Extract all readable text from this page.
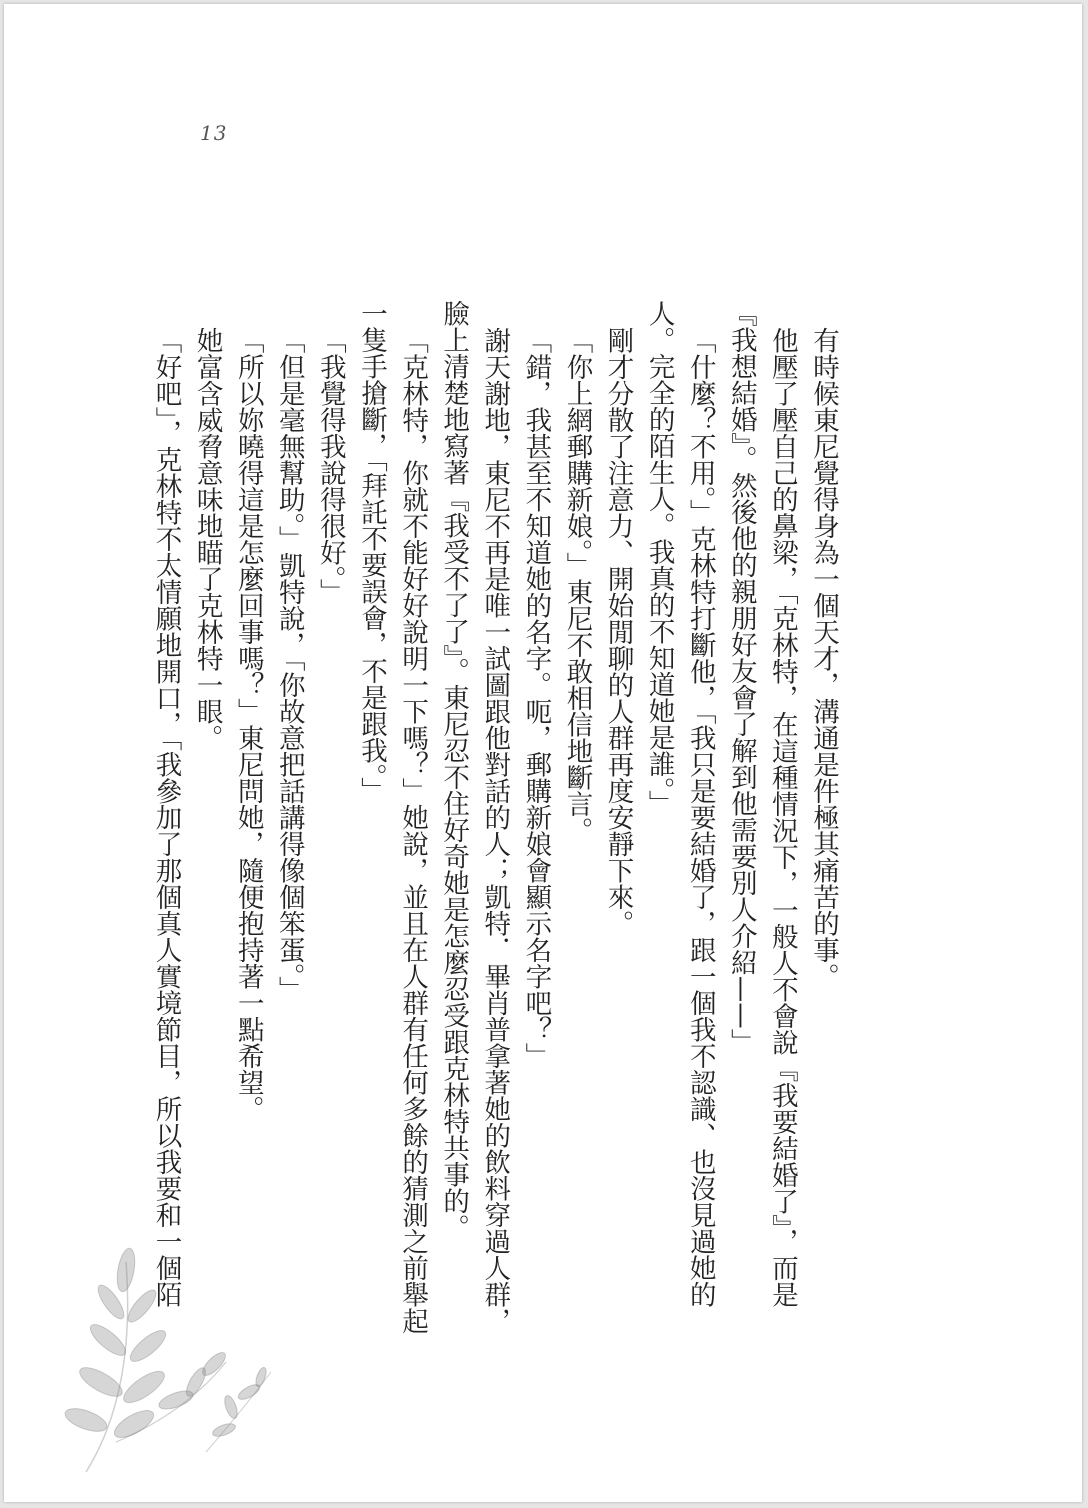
13

有時候東尼覺得身為一個天才，溝通是件極其痛苦的事。

他壓了壓自己的鼻梁，「克林特，在這種情況下，一般人不會說『我要結婚了』，而是

『我想結婚』。然後他的親朋好友會了解到他需要別人介紹——」

「什麼？不用。」克林特打斷他，「我只是要結婚了，跟一個我不認識、也沒見過她的

人。完全的陌生人。我真的不知道她是誰。」

剛才分散了注意力、開始閒聊的人群再度安靜下來。

「你上網郵購新娘。」東尼不敢相信地斷言。

「錯，我甚至不知道她的名字。呃，郵購新娘會顯示名字吧？」

謝天謝地，東尼不再是唯一試圖跟他對話的人；凱特．畢肖普拿著她的飲料穿過人群，

臉上清楚地寫著『我受不了了』。東尼忍不住好奇她是怎麼忍受跟克林特共事的。

「克林特，你就不能好好說明一下嗎？」她說，並且在人群有任何多餘的猜測之前舉起

一隻手搶斷，「拜託不要誤會，不是跟我。」

「我覺得我說得很好。」

「但是毫無幫助。」凱特說，「你故意把話講得像個笨蛋。」

「所以妳曉得這是怎麼回事嗎？」東尼問她，隨便抱持著一點希望。

她富含威脅意味地瞄了克林特一眼。

「好吧」，克林特不太情願地開口，「我參加了那個真人實境節目，所以我要和一個陌
